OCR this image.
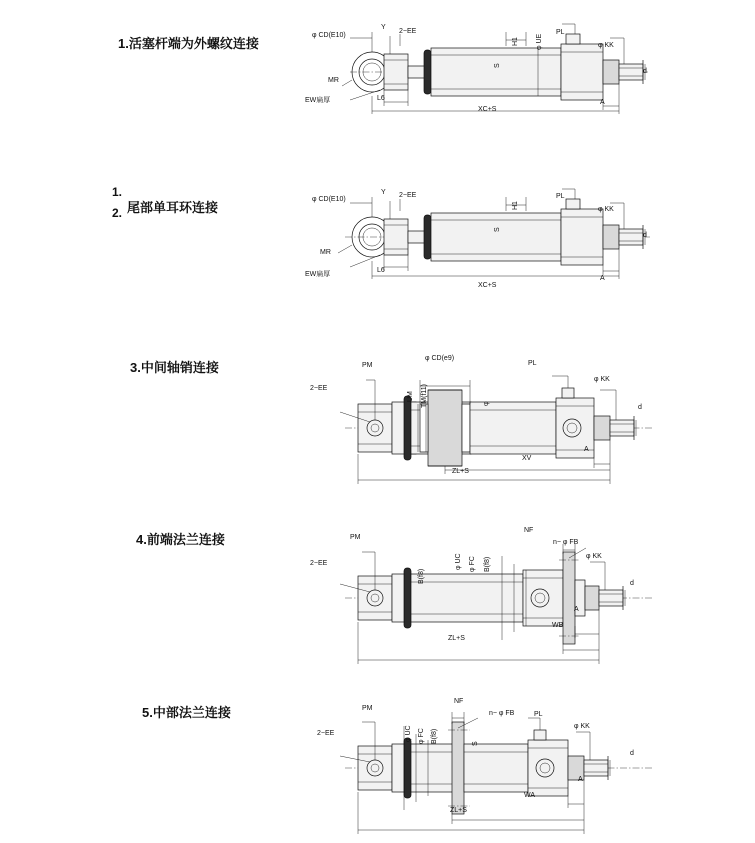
1.活塞杆端为外螺纹连接
φ CD(E10)
Y
2−EE
H1
PL
φ KK
φ UE
MR
EW扁厚	L6
d
A
XC+S
S
1.
2. 尾部单耳环连接
φ CD(E10)
Y 2−EE
H1
PL
φ KK
MR
EW扁厚
L6
d
A
XC+S
S
3.中间轴销连接	PM
φ CD(e9)
PL
φ KK
2−EE
UM TM(f11)	φ
d
A
XV
ZL+S
4.前端法兰连接	PM
NF
n− φ FB
φ KK
2−EE	φ UC φ FC B(f8)
d
A
WB
ZL+S
B(f8)
5.中部法兰连接	PM
NF
n− φ FB	PL
φ KK
2−EE	φ UC φ FC B(f8)	S
d
A
WA
ZL+S
